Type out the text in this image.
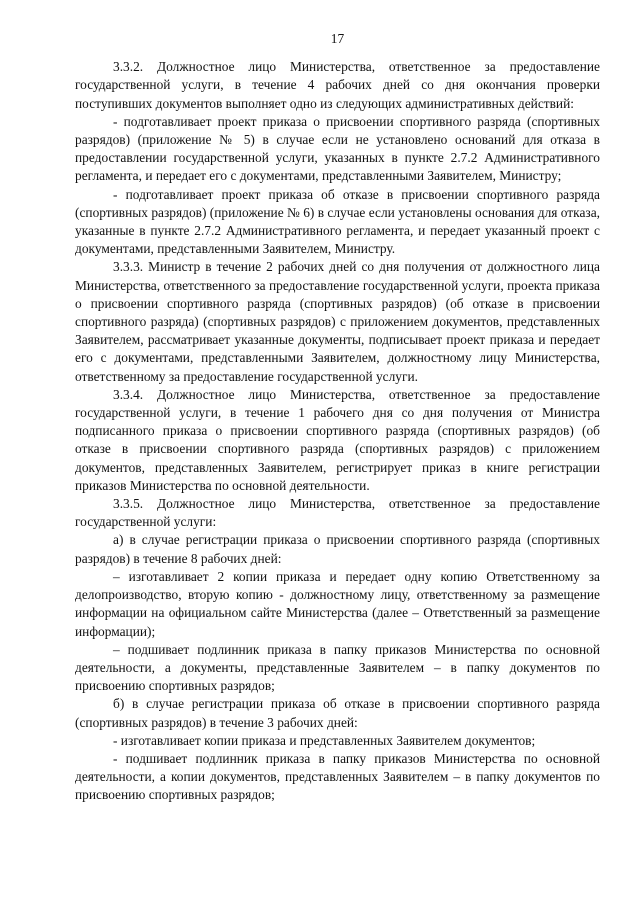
17

3.3.2. Должностное лицо Министерства, ответственное за предоставление государственной услуги, в течение 4 рабочих дней со дня окончания проверки поступивших документов выполняет одно из следующих административных действий:

- подготавливает проект приказа о присвоении спортивного разряда (спортивных разрядов) (приложение № 5) в случае если не установлено оснований для отказа в предоставлении государственной услуги, указанных в пункте 2.7.2 Административного регламента, и передает его с документами, представленными Заявителем, Министру;

- подготавливает проект приказа об отказе в присвоении спортивного разряда (спортивных разрядов) (приложение № 6) в случае если установлены основания для отказа, указанные в пункте 2.7.2 Административного регламента, и передает указанный проект с документами, представленными Заявителем, Министру.

3.3.3. Министр в течение 2 рабочих дней со дня получения от должностного лица Министерства, ответственного за предоставление государственной услуги, проекта приказа о присвоении спортивного разряда (спортивных разрядов) (об отказе в присвоении спортивного разряда) (спортивных разрядов) с приложением документов, представленных Заявителем, рассматривает указанные документы, подписывает проект приказа и передает его с документами, представленными Заявителем, должностному лицу Министерства, ответственному за предоставление государственной услуги.

3.3.4. Должностное лицо Министерства, ответственное за предоставление государственной услуги, в течение 1 рабочего дня со дня получения от Министра подписанного приказа о присвоении спортивного разряда (спортивных разрядов) (об отказе в присвоении спортивного разряда (спортивных разрядов) с приложением документов, представленных Заявителем, регистрирует приказ в книге регистрации приказов Министерства по основной деятельности.

3.3.5. Должностное лицо Министерства, ответственное за предоставление государственной услуги:

а) в случае регистрации приказа о присвоении спортивного разряда (спортивных разрядов) в течение 8 рабочих дней:

– изготавливает 2 копии приказа и передает одну копию Ответственному за делопроизводство, вторую копию - должностному лицу, ответственному за размещение информации на официальном сайте Министерства (далее – Ответственный за размещение информации);

– подшивает подлинник приказа в папку приказов Министерства по основной деятельности, а документы, представленные Заявителем – в папку документов по присвоению спортивных разрядов;

б) в случае регистрации приказа об отказе в присвоении спортивного разряда (спортивных разрядов) в течение 3 рабочих дней:

- изготавливает копии приказа и представленных Заявителем документов;

- подшивает подлинник приказа в папку приказов Министерства по основной деятельности, а копии документов, представленных Заявителем – в папку документов по присвоению спортивных разрядов;
